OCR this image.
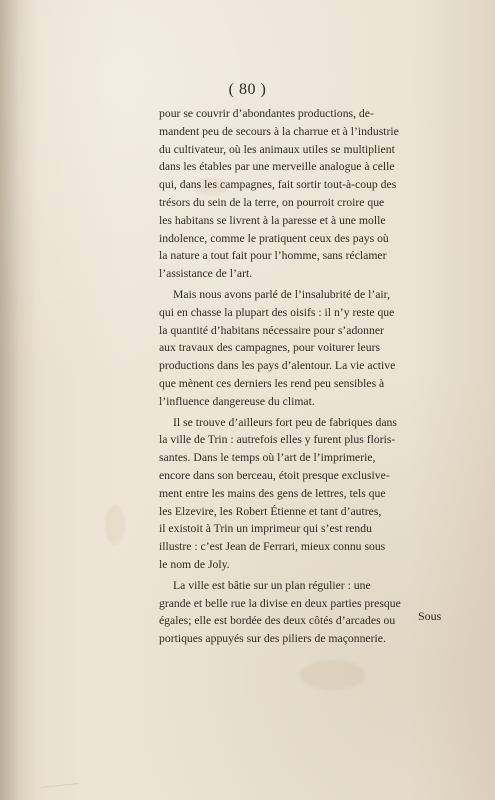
( 80 )
pour se couvrir d’abondantes productions, de-
mandent peu de secours à la charrue et à l’industrie
du cultivateur, où les animaux utiles se multiplient
dans les étables par une merveille analogue à celle
qui, dans les campagnes, fait sortir tout-à-coup des
trésors du sein de la terre, on pourroit croire que
les habitans se livrent à la paresse et à une molle
indolence, comme le pratiquent ceux des pays où
la nature a tout fait pour l’homme, sans réclamer
l’assistance de l’art.
Mais nous avons parlé de l’insalubrité de l’air,
qui en chasse la plupart des oisifs : il n’y reste que
la quantité d’habitans nécessaire pour s’adonner
aux travaux des campagnes, pour voiturer leurs
productions dans les pays d’alentour. La vie active
que mènent ces derniers les rend peu sensibles à
l’influence dangereuse du climat.
Il se trouve d’ailleurs fort peu de fabriques dans
la ville de Trin : autrefois elles y furent plus floris-
santes. Dans le temps où l’art de l’imprimerie,
encore dans son berceau, étoit presque exclusive-
ment entre les mains des gens de lettres, tels que
les Elzevire, les Robert Étienne et tant d’autres,
il existoit à Trin un imprimeur qui s’est rendu
illustre : c’est Jean de Ferrari, mieux connu sous
le nom de Joly.
La ville est bâtie sur un plan régulier : une
grande et belle rue la divise en deux parties presque
égales; elle est bordée des deux côtés d’arcades ou
portiques appuyés sur des piliers de maçonnerie.
Sous
